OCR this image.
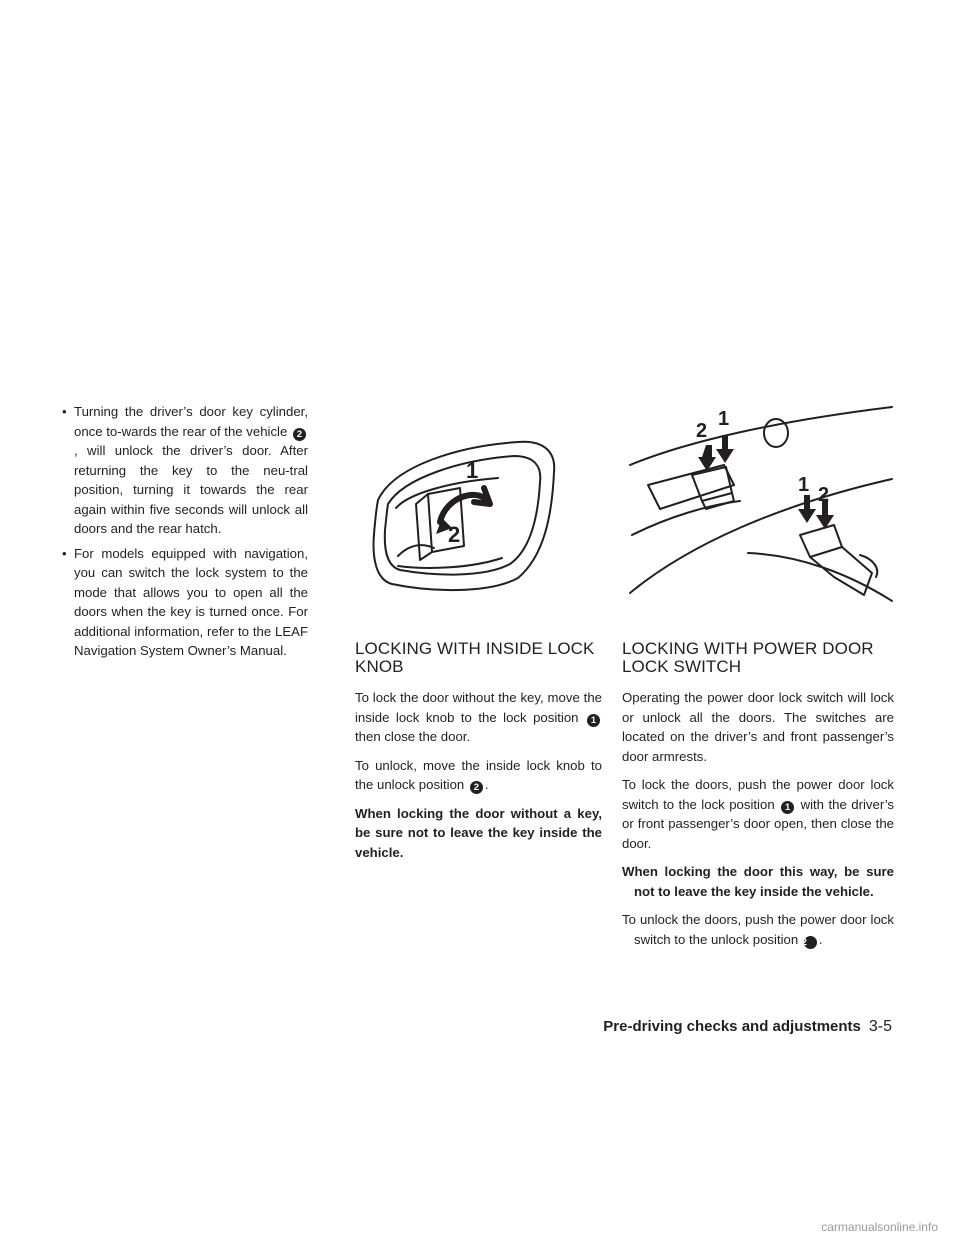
• Turning the driver’s door key cylinder, once to-wards the rear of the vehicle 2, will unlock the driver’s door. After returning the key to the neu-tral position, turning it towards the rear again within five seconds will unlock all doors and the rear hatch.
• For models equipped with navigation, you can switch the lock system to the mode that allows you to open all the doors when the key is turned once. For additional information, refer to the LEAF Navigation System Owner’s Manual.
1
2
1
2
1 2
LOCKING WITH INSIDE LOCK KNOB

To lock the door without the key, move the inside lock knob to the lock position 1 then close the door.

To unlock, move the inside lock knob to the unlock position 2 .

When locking the door without a key, be sure not to leave the key inside the vehicle.

LOCKING WITH POWER DOOR LOCK SWITCH

Operating the power door lock switch will lock or unlock all the doors. The switches are located on the driver’s and front passenger’s door armrests.

To lock the doors, push the power door lock switch to the lock position 1 with the driver’s or front passenger’s door open, then close the door.

When locking the door this way, be sure not to leave the key inside the vehicle.

To unlock the doors, push the power door lock switch to the unlock position 2 .

Pre-driving checks and adjustments 3-5
carmanualsonline.info
